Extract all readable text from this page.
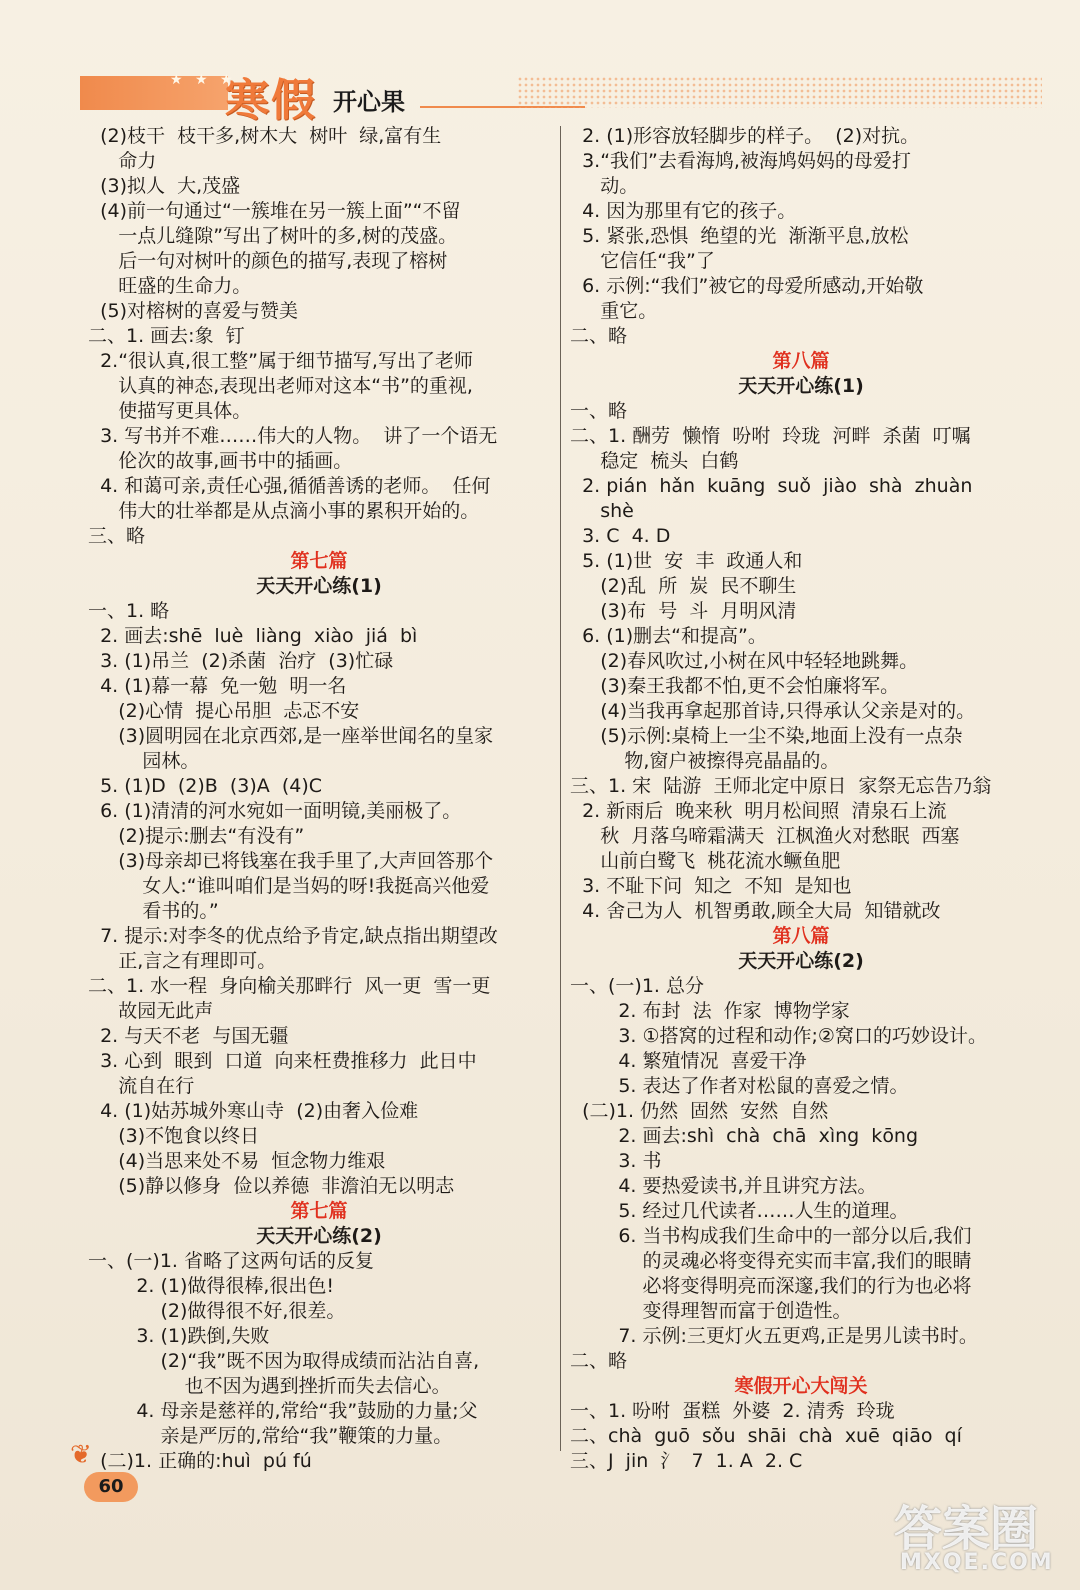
★ ★ ★
寒假 开心果
(2)枝干  枝干多,树木大  树叶  绿,富有生
命力
(3)拟人  大,茂盛
(4)前一句通过“一簇堆在另一簇上面”“不留
一点儿缝隙”写出了树叶的多,树的茂盛。
后一句对树叶的颜色的描写,表现了榕树
旺盛的生命力。
(5)对榕树的喜爱与赞美
二、1. 画去:象  钉
2.“很认真,很工整”属于细节描写,写出了老师
认真的神态,表现出老师对这本“书”的重视,
使描写更具体。
3. 写书并不难……伟大的人物。  讲了一个语无
伦次的故事,画书中的插画。
4. 和蔼可亲,责任心强,循循善诱的老师。  任何
伟大的壮举都是从点滴小事的累积开始的。
三、略
第七篇
天天开心练(1)
一、1. 略
2. 画去:shē  luè  liàng  xiào  jiá  bì
3. (1)吊兰  (2)杀菌  治疗  (3)忙碌
4. (1)幕一幕  免一勉  明一名
(2)心情  提心吊胆  忐忑不安
(3)圆明园在北京西郊,是一座举世闻名的皇家
园林。
5. (1)D  (2)B  (3)A  (4)C
6. (1)清清的河水宛如一面明镜,美丽极了。
(2)提示:删去“有没有”
(3)母亲却已将钱塞在我手里了,大声回答那个
女人:“谁叫咱们是当妈的呀!我挺高兴他爱
看书的。”
7. 提示:对李冬的优点给予肯定,缺点指出期望改
正,言之有理即可。
二、1. 水一程  身向榆关那畔行  风一更  雪一更
故园无此声
2. 与天不老  与国无疆
3. 心到  眼到  口道  向来枉费推移力  此日中
流自在行
4. (1)姑苏城外寒山寺  (2)由奢入俭难
(3)不饱食以终日
(4)当思来处不易  恒念物力维艰
(5)静以修身  俭以养德  非澹泊无以明志
第七篇
天天开心练(2)
一、(一)1. 省略了这两句话的反复
2. (1)做得很棒,很出色!
(2)做得很不好,很差。
3. (1)跌倒,失败
(2)“我”既不因为取得成绩而沾沾自喜,
也不因为遇到挫折而失去信心。
4. 母亲是慈祥的,常给“我”鼓励的力量;父
亲是严厉的,常给“我”鞭策的力量。
(二)1. 正确的:huì  pú fú
2. (1)形容放轻脚步的样子。  (2)对抗。
3.“我们”去看海鸠,被海鸠妈妈的母爱打
动。
4. 因为那里有它的孩子。
5. 紧张,恐惧  绝望的光  渐渐平息,放松
它信任“我”了
6. 示例:“我们”被它的母爱所感动,开始敬
重它。
二、略
第八篇
天天开心练(1)
一、略
二、1. 酬劳  懒惰  吩咐  玲珑  河畔  杀菌  叮嘱
稳定  梳头  白鹤
2. pián  hǎn  kuāng  suǒ  jiào  shà  zhuàn
shè
3. C  4. D
5. (1)世  安  丰  政通人和
(2)乱  所  炭  民不聊生
(3)布  号  斗  月明风清
6. (1)删去“和提高”。
(2)春风吹过,小树在风中轻轻地跳舞。
(3)秦王我都不怕,更不会怕廉将军。
(4)当我再拿起那首诗,只得承认父亲是对的。
(5)示例:桌椅上一尘不染,地面上没有一点杂
物,窗户被擦得亮晶晶的。
三、1. 宋  陆游  王师北定中原日  家祭无忘告乃翁
2. 新雨后  晚来秋  明月松间照  清泉石上流
秋  月落乌啼霜满天  江枫渔火对愁眠  西塞
山前白鹭飞  桃花流水鳜鱼肥
3. 不耻下问  知之  不知  是知也
4. 舍己为人  机智勇敢,顾全大局  知错就改
第八篇
天天开心练(2)
一、(一)1. 总分
2. 布封  法  作家  博物学家
3. ①搭窝的过程和动作;②窝口的巧妙设计。
4. 繁殖情况  喜爱干净
5. 表达了作者对松鼠的喜爱之情。
(二)1. 仍然  固然  安然  自然
2. 画去:shì  chà  chā  xìng  kōng
3. 书
4. 要热爱读书,并且讲究方法。
5. 经过几代读者……人生的道理。
6. 当书构成我们生命中的一部分以后,我们
的灵魂必将变得充实而丰富,我们的眼睛
必将变得明亮而深邃,我们的行为也必将
变得理智而富于创造性。
7. 示例:三更灯火五更鸡,正是男儿读书时。
二、略
寒假开心大闯关
一、1. 吩咐  蛋糕  外婆  2. 清秀  玲珑
二、chà  guō  sǒu  shāi  chà  xuē  qiāo  qí
三、J  jin  氵  7  1. A  2. C
❦
60
答案圈
MXQE.COM
